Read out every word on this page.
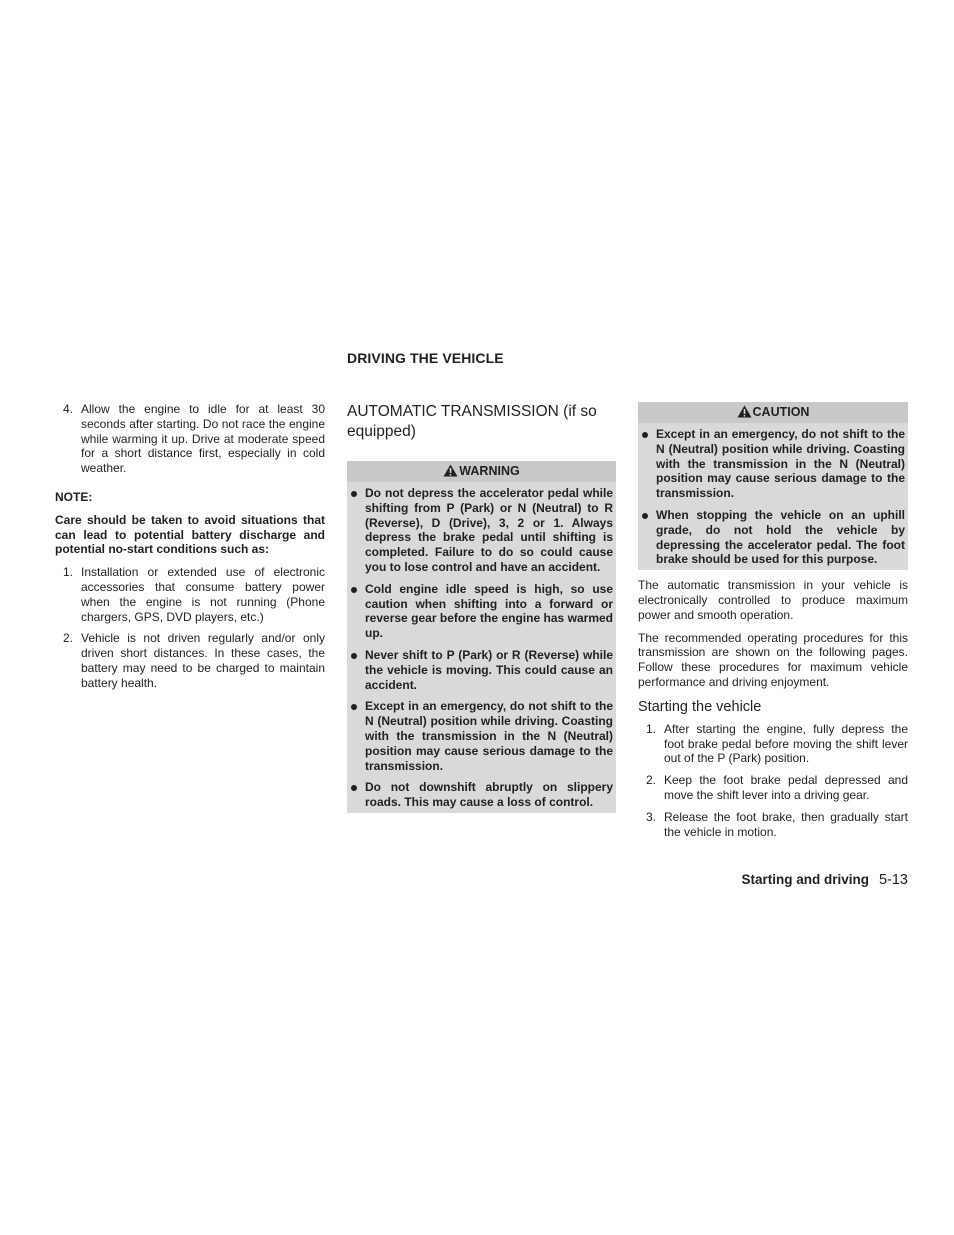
DRIVING THE VEHICLE
4. Allow the engine to idle for at least 30 seconds after starting. Do not race the engine while warming it up. Drive at moderate speed for a short distance first, especially in cold weather.
NOTE:
Care should be taken to avoid situations that can lead to potential battery discharge and potential no-start conditions such as:
1. Installation or extended use of electronic accessories that consume battery power when the engine is not running (Phone chargers, GPS, DVD players, etc.)
2. Vehicle is not driven regularly and/or only driven short distances. In these cases, the battery may need to be charged to maintain battery health.
AUTOMATIC TRANSMISSION (if so equipped)
WARNING
Do not depress the accelerator pedal while shifting from P (Park) or N (Neutral) to R (Reverse), D (Drive), 3, 2 or 1. Always depress the brake pedal until shifting is completed. Failure to do so could cause you to lose control and have an accident.
Cold engine idle speed is high, so use caution when shifting into a forward or reverse gear before the engine has warmed up.
Never shift to P (Park) or R (Reverse) while the vehicle is moving. This could cause an accident.
Except in an emergency, do not shift to the N (Neutral) position while driving. Coasting with the transmission in the N (Neutral) position may cause serious damage to the transmission.
Do not downshift abruptly on slippery roads. This may cause a loss of control.
CAUTION
Except in an emergency, do not shift to the N (Neutral) position while driving. Coasting with the transmission in the N (Neutral) position may cause serious damage to the transmission.
When stopping the vehicle on an uphill grade, do not hold the vehicle by depressing the accelerator pedal. The foot brake should be used for this purpose.

The automatic transmission in your vehicle is electronically controlled to produce maximum power and smooth operation.

The recommended operating procedures for this transmission are shown on the following pages. Follow these procedures for maximum vehicle performance and driving enjoyment.

Starting the vehicle
1. After starting the engine, fully depress the foot brake pedal before moving the shift lever out of the P (Park) position.
2. Keep the foot brake pedal depressed and move the shift lever into a driving gear.
3. Release the foot brake, then gradually start the vehicle in motion.
Starting and driving 5-13
